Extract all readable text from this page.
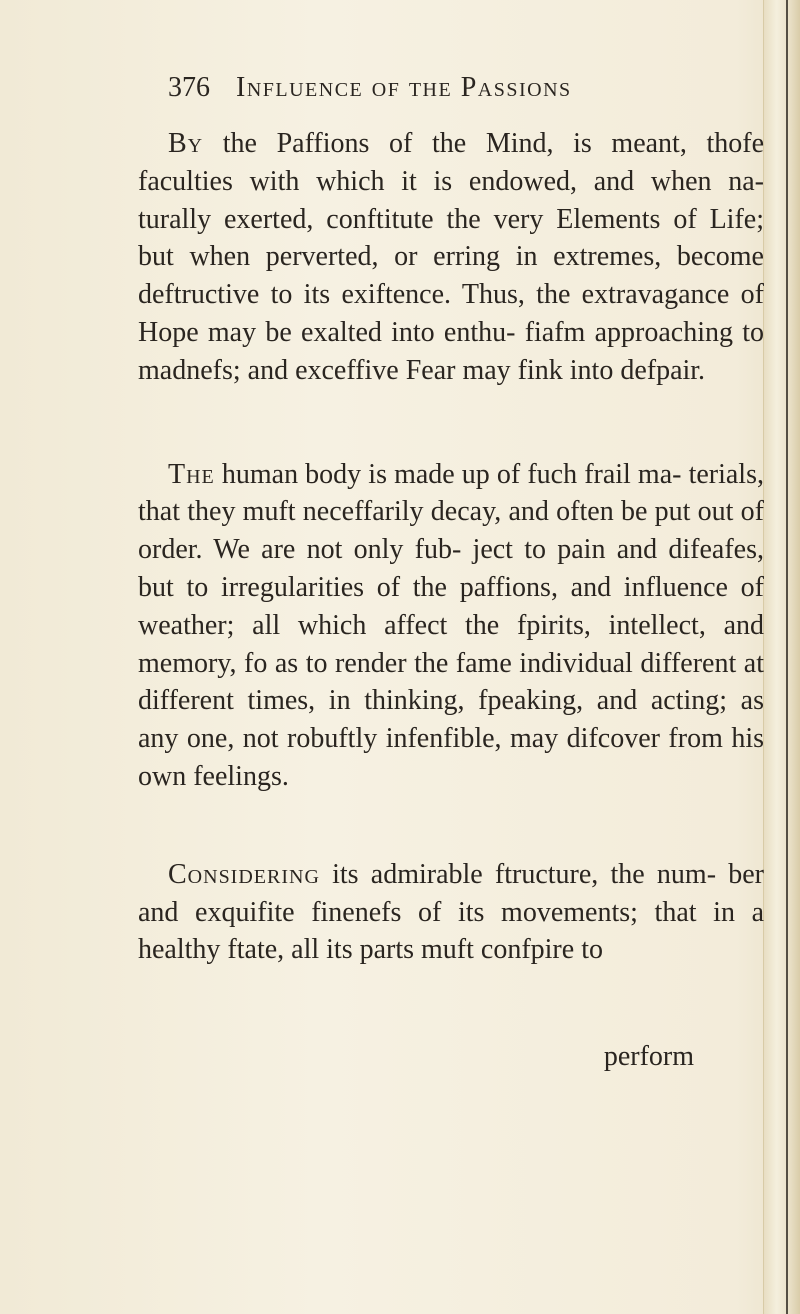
376 Influence of the Passions

By the Paffions of the Mind, is meant, thofe faculties with which it is endowed, and when na- turally exerted, conftitute the very Elements of Life; but when perverted, or erring in extremes, become deftructive to its exiftence. Thus, the extravagance of Hope may be exalted into enthu- fiafm approaching to madnefs; and exceffive Fear may fink into defpair.

The human body is made up of fuch frail ma- terials, that they muft neceffarily decay, and often be put out of order. We are not only fub- ject to pain and difeafes, but to irregularities of the paffions, and influence of weather; all which affect the fpirits, intellect, and memory, fo as to render the fame individual different at different times, in thinking, fpeaking, and acting; as any one, not robuftly infenfible, may difcover from his own feelings.

Considering its admirable ftructure, the num- ber and exquifite finenefs of its movements; that in a healthy ftate, all its parts muft confpire to

perform
